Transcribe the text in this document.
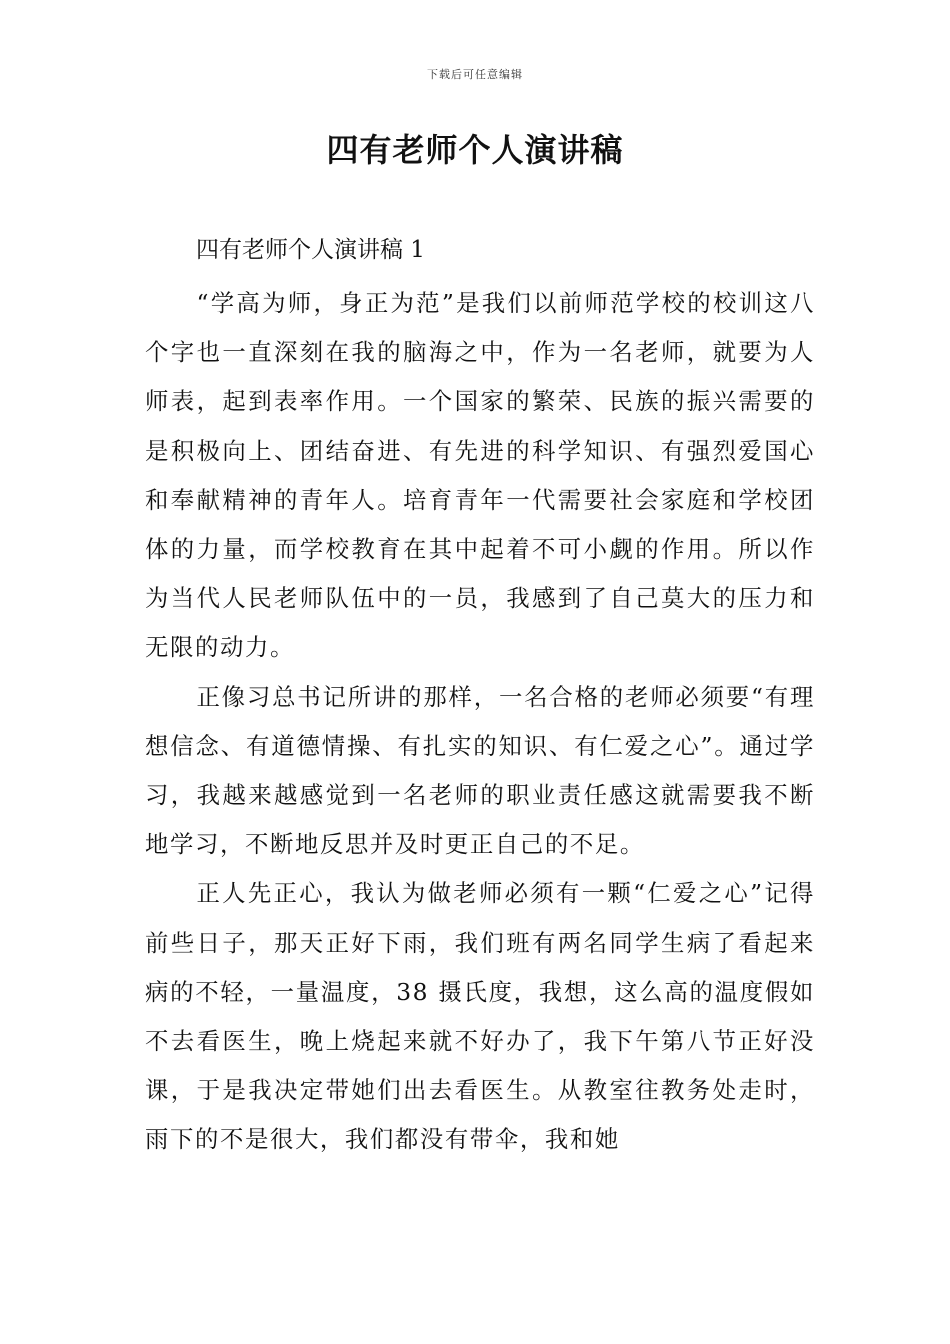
下载后可任意编辑
四有老师个人演讲稿
四有老师个人演讲稿 1

“学高为师，身正为范”是我们以前师范学校的校训这八个字也一直深刻在我的脑海之中，作为一名老师，就要为人师表，起到表率作用。一个国家的繁荣、民族的振兴需要的是积极向上、团结奋进、有先进的科学知识、有强烈爱国心和奉献精神的青年人。培育青年一代需要社会家庭和学校团体的力量，而学校教育在其中起着不可小觑的作用。所以作为当代人民老师队伍中的一员，我感到了自己莫大的压力和无限的动力。

正像习总书记所讲的那样，一名合格的老师必须要“有理想信念、有道德情操、有扎实的知识、有仁爱之心”。通过学习，我越来越感觉到一名老师的职业责任感这就需要我不断地学习，不断地反思并及时更正自己的不足。

正人先正心，我认为做老师必须有一颗“仁爱之心”记得前些日子，那天正好下雨，我们班有两名同学生病了看起来病的不轻，一量温度，38 摄氏度，我想，这么高的温度假如不去看医生，晚上烧起来就不好办了，我下午第八节正好没课，于是我决定带她们出去看医生。从教室往教务处走时，雨下的不是很大，我们都没有带伞，我和她
